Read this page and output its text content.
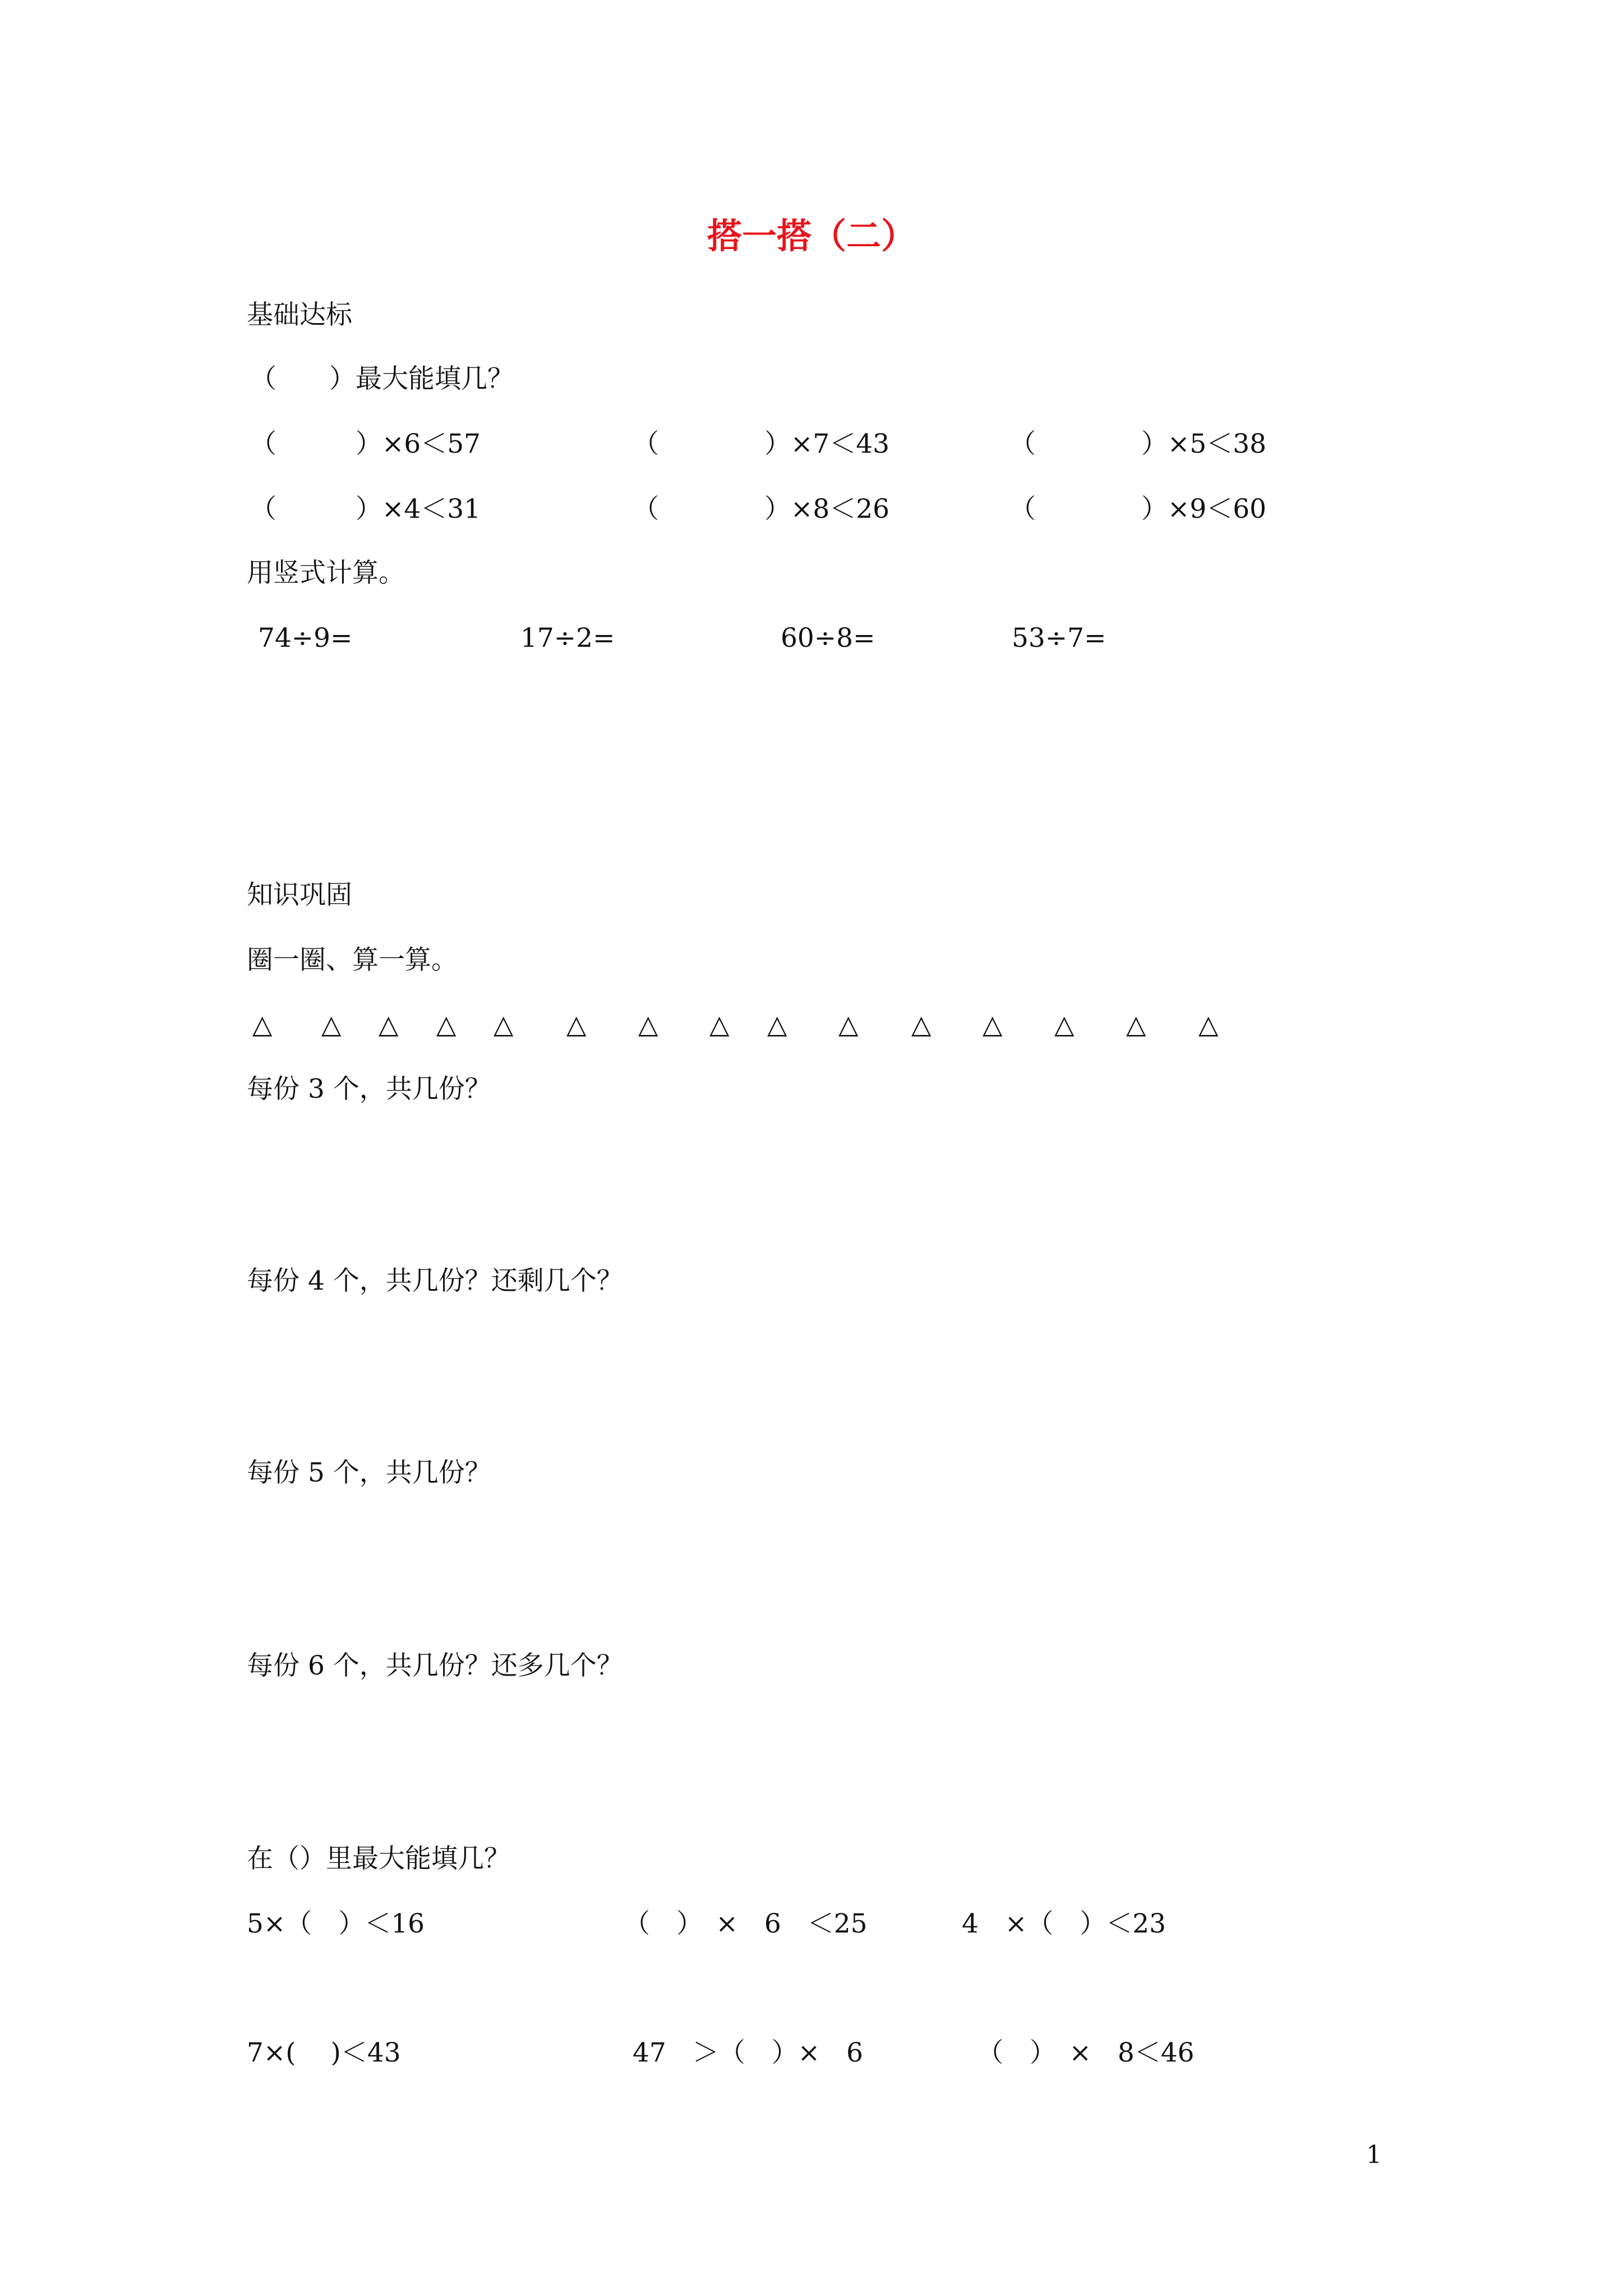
搭一搭（二）
基础达标
（　　）最大能填几？
（　　　）×6＜57	（　　　　）×7＜43	（　　　　）×5＜38
（　　　）×4＜31	（　　　　）×8＜26	（　　　　）×9＜60
用竖式计算。
74÷9=	17÷2=	60÷8=	53÷7=
知识巩固
圈一圈、算一算。
△ △ △ △ △ △ △ △ △ △ △ △ △ △ △
每份 3 个，共几份？
每份 4 个，共几份？还剩几个？
每份 5 个，共几份？
每份 6 个，共几份？还多几个？
在（）里最大能填几？
5×（　）＜16	（　）　×　6　＜25	4　×（　）＜23
7×(　 )＜43	47　＞（　）×　6	（　）　×　8＜46
1
